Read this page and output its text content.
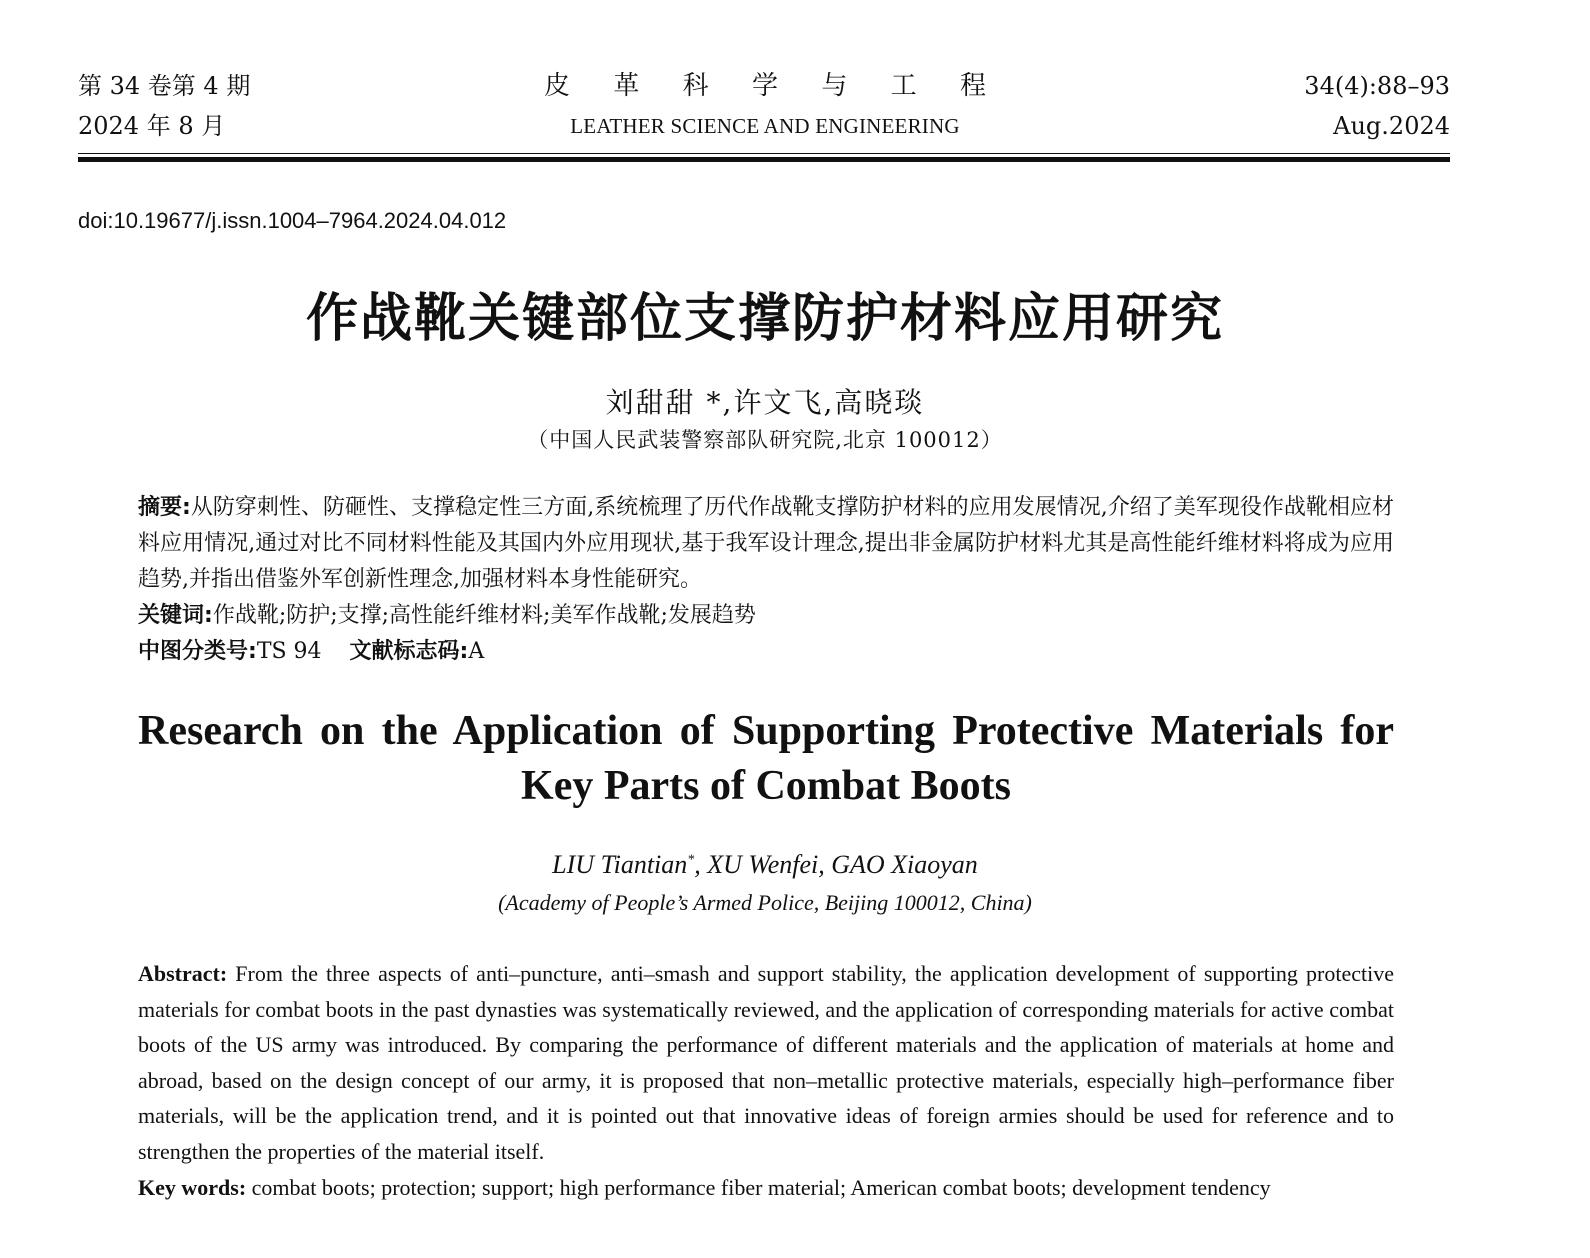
第 34 卷第 4 期
2024 年 8 月
皮 革 科 学 与 工 程
LEATHER SCIENCE AND ENGINEERING
34(4):88–93
Aug.2024
doi:10.19677/j.issn.1004–7964.2024.04.012
作战靴关键部位支撑防护材料应用研究
刘甜甜 *,许文飞,高晓琰
（中国人民武装警察部队研究院,北京 100012）
摘要:从防穿刺性、防砸性、支撑稳定性三方面,系统梳理了历代作战靴支撑防护材料的应用发展情况,介绍了美军现役作战靴相应材料应用情况,通过对比不同材料性能及其国内外应用现状,基于我军设计理念,提出非金属防护材料尤其是高性能纤维材料将成为应用趋势,并指出借鉴外军创新性理念,加强材料本身性能研究。
关键词:作战靴;防护;支撑;高性能纤维材料;美军作战靴;发展趋势
中图分类号:TS 94 文献标志码:A
Research on the Application of Supporting Protective Materials for Key Parts of Combat Boots
LIU Tiantian*, XU Wenfei, GAO Xiaoyan
(Academy of People’s Armed Police, Beijing 100012, China)
Abstract: From the three aspects of anti–puncture, anti–smash and support stability, the application development of supporting protective materials for combat boots in the past dynasties was systematically reviewed, and the application of corresponding materials for active combat boots of the US army was introduced. By comparing the performance of different materials and the application of materials at home and abroad, based on the design concept of our army, it is proposed that non–metallic protective materials, especially high–performance fiber materials, will be the application trend, and it is pointed out that innovative ideas of foreign armies should be used for reference and to strengthen the properties of the material itself.
Key words: combat boots; protection; support; high performance fiber material; American combat boots; development tendency
